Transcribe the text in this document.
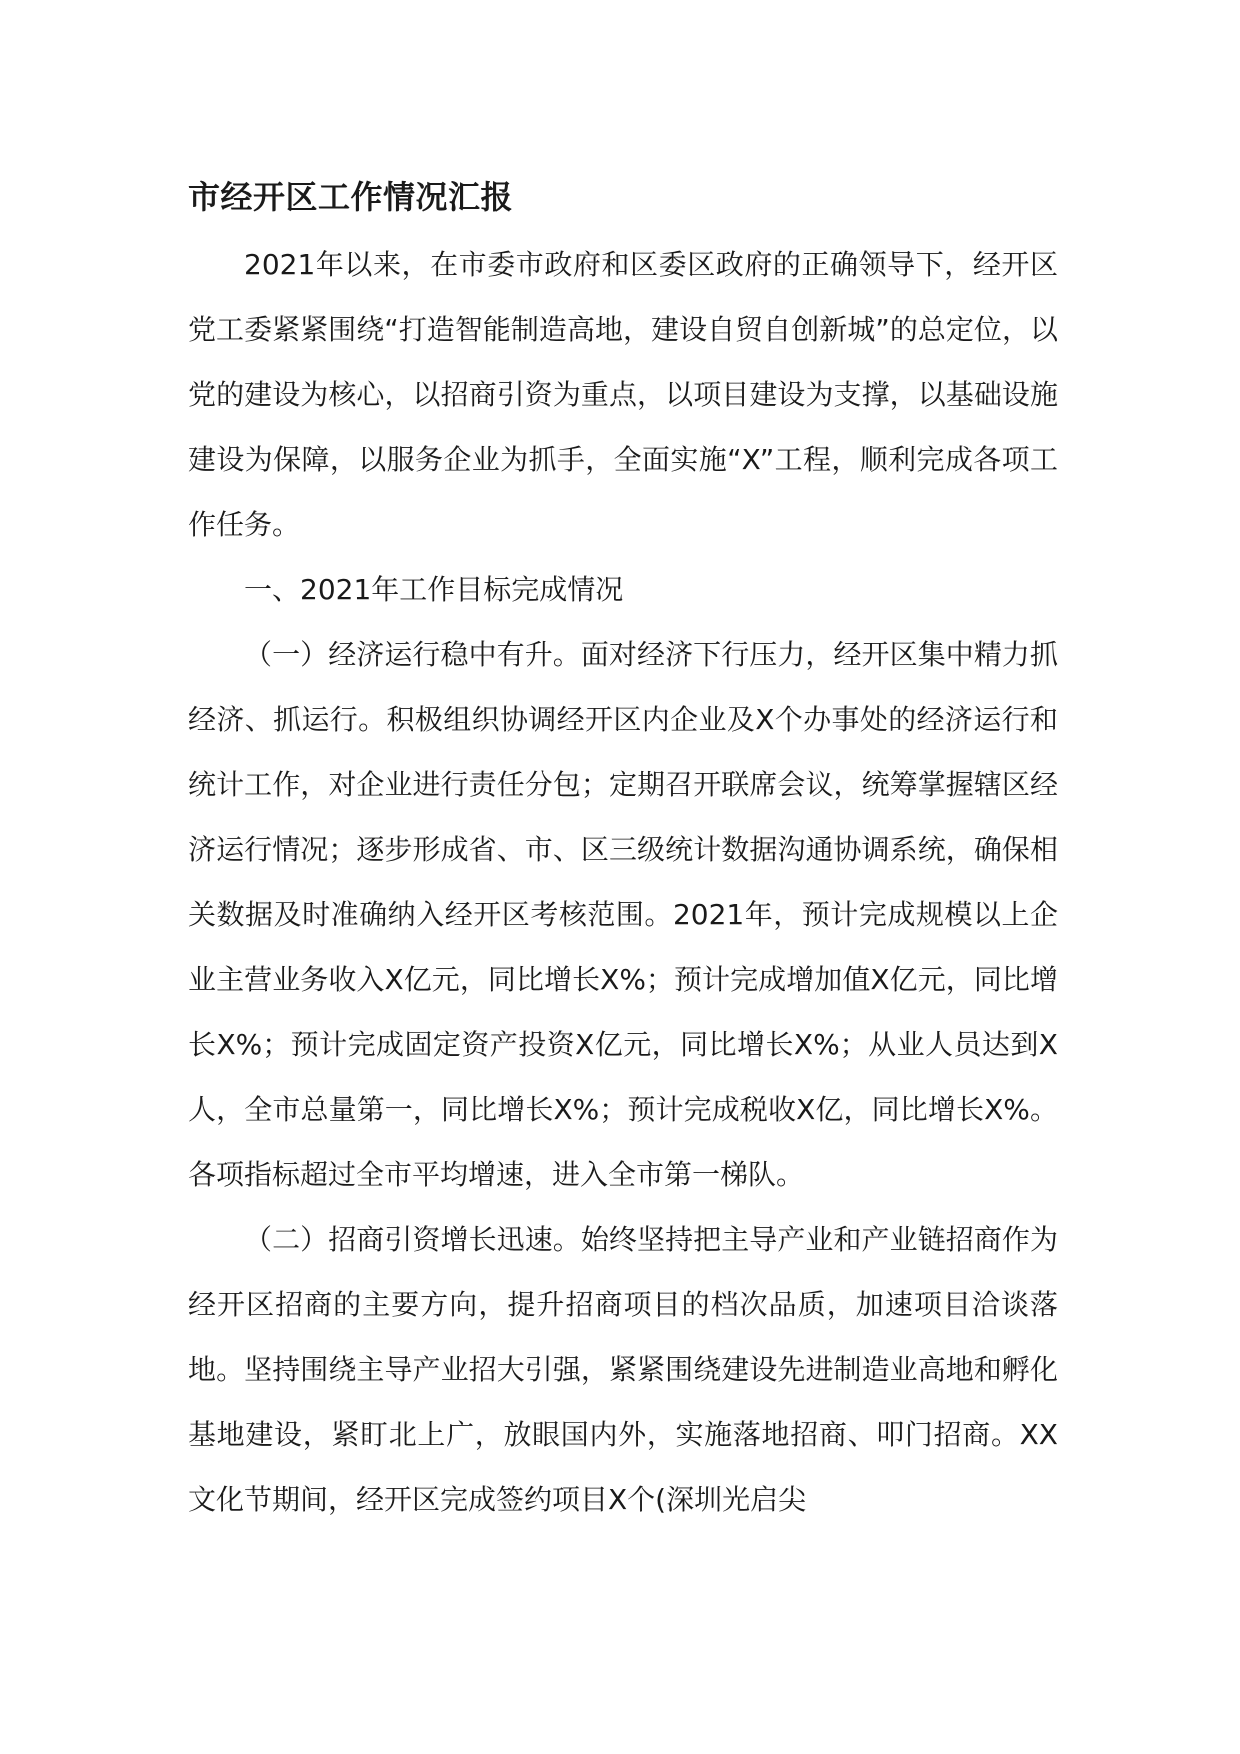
市经开区工作情况汇报

2021年以来，在市委市政府和区委区政府的正确领导下，经开区党工委紧紧围绕“打造智能制造高地，建设自贸自创新城”的总定位，以党的建设为核心，以招商引资为重点，以项目建设为支撑，以基础设施建设为保障，以服务企业为抓手，全面实施“X”工程，顺利完成各项工作任务。

一、2021年工作目标完成情况

（一）经济运行稳中有升。面对经济下行压力，经开区集中精力抓经济、抓运行。积极组织协调经开区内企业及X个办事处的经济运行和统计工作，对企业进行责任分包；定期召开联席会议，统筹掌握辖区经济运行情况；逐步形成省、市、区三级统计数据沟通协调系统，确保相关数据及时准确纳入经开区考核范围。2021年，预计完成规模以上企业主营业务收入X亿元，同比增长X%；预计完成增加值X亿元，同比增长X%；预计完成固定资产投资X亿元，同比增长X%；从业人员达到X人，全市总量第一，同比增长X%；预计完成税收X亿，同比增长X%。各项指标超过全市平均增速，进入全市第一梯队。

（二）招商引资增长迅速。始终坚持把主导产业和产业链招商作为经开区招商的主要方向，提升招商项目的档次品质，加速项目洽谈落地。坚持围绕主导产业招大引强，紧紧围绕建设先进制造业高地和孵化基地建设，紧盯北上广，放眼国内外，实施落地招商、叩门招商。XX文化节期间，经开区完成签约项目X个(深圳光启尖
